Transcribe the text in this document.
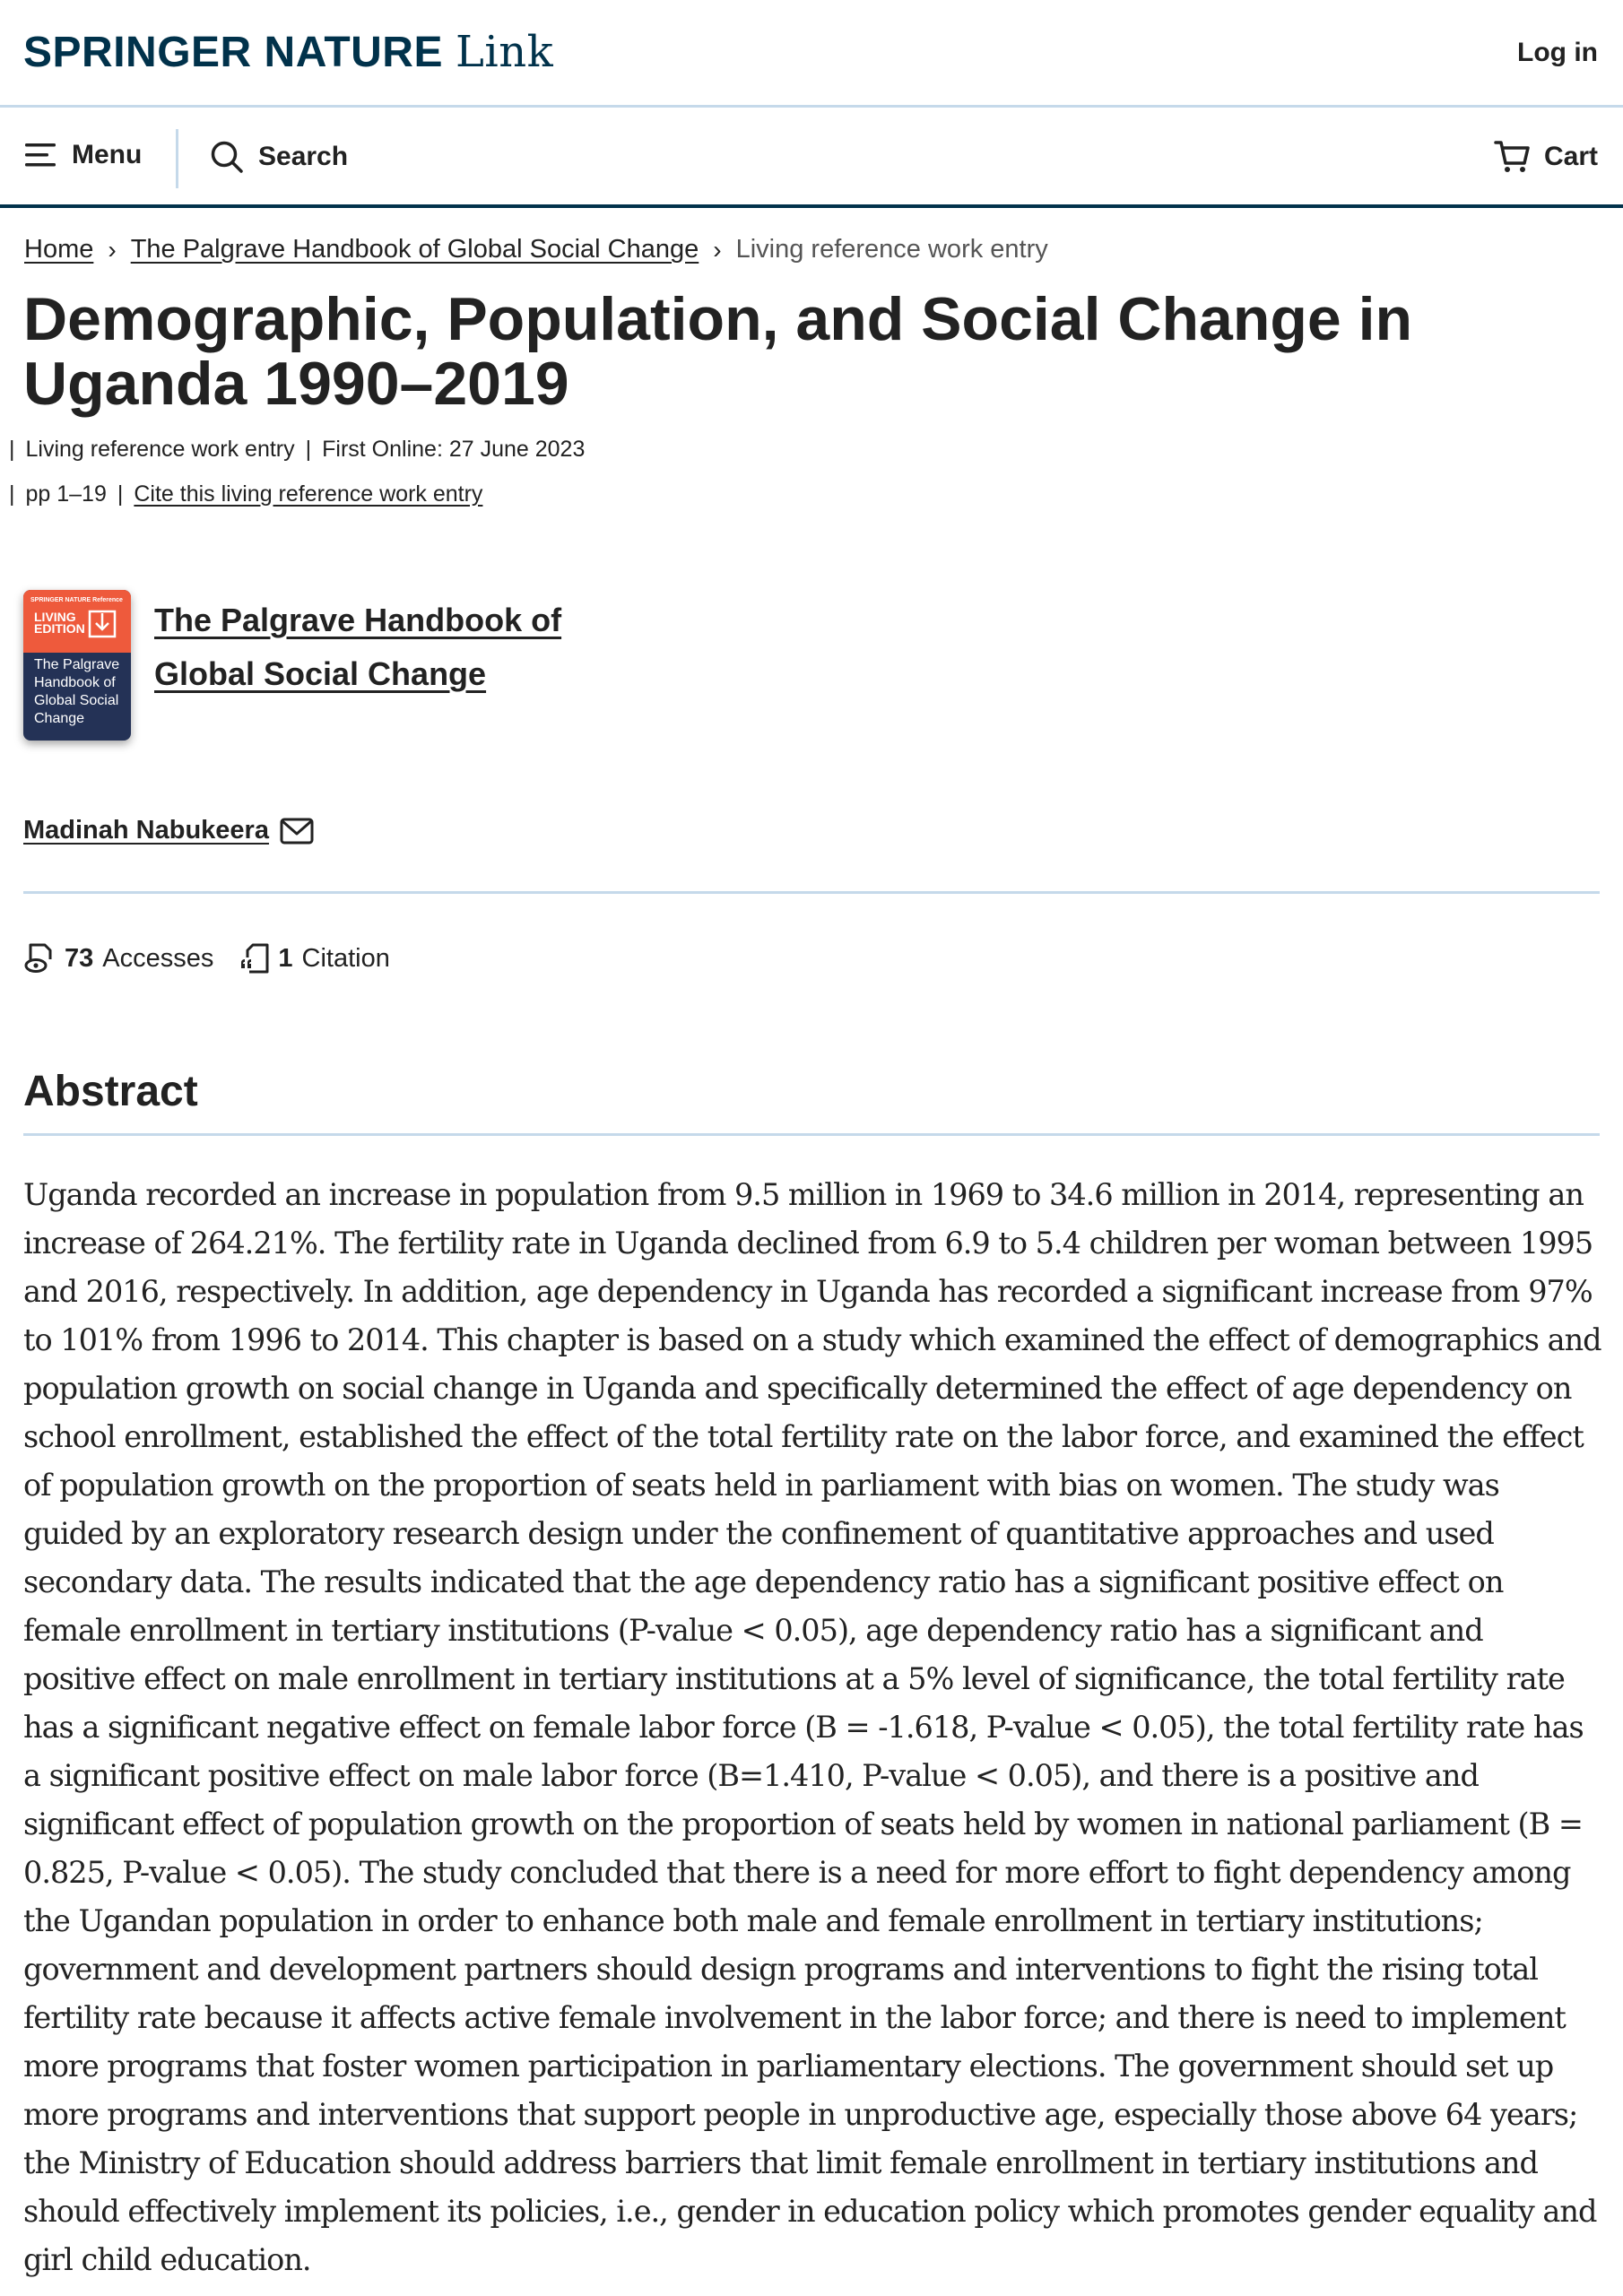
SPRINGER NATURE Link	Log in
Menu	Search	Cart
Home › The Palgrave Handbook of Global Social Change › Living reference work entry
Demographic, Population, and Social Change in Uganda 1990–2019
| Living reference work entry | First Online: 27 June 2023
| pp 1–19 | Cite this living reference work entry
SPRINGER NATURE Reference
LIVING EDITION
The Palgrave Handbook of Global Social Change
The Palgrave Handbook of Global Social Change
Madinah Nabukeera
73 Accesses 1 Citation
Abstract

Uganda recorded an increase in population from 9.5 million in 1969 to 34.6 million in 2014, representing an increase of 264.21%. The fertility rate in Uganda declined from 6.9 to 5.4 children per woman between 1995 and 2016, respectively. In addition, age dependency in Uganda has recorded a significant increase from 97% to 101% from 1996 to 2014. This chapter is based on a study which examined the effect of demographics and population growth on social change in Uganda and specifically determined the effect of age dependency on school enrollment, established the effect of the total fertility rate on the labor force, and examined the effect of population growth on the proportion of seats held in parliament with bias on women. The study was guided by an exploratory research design under the confinement of quantitative approaches and used secondary data. The results indicated that the age dependency ratio has a significant positive effect on female enrollment in tertiary institutions (P-value < 0.05), age dependency ratio has a significant and positive effect on male enrollment in tertiary institutions at a 5% level of significance, the total fertility rate has a significant negative effect on female labor force (B = -1.618, P-value < 0.05), the total fertility rate has a significant positive effect on male labor force (B=1.410, P-value < 0.05), and there is a positive and significant effect of population growth on the proportion of seats held by women in national parliament (B = 0.825, P-value < 0.05). The study concluded that there is a need for more effort to fight dependency among the Ugandan population in order to enhance both male and female enrollment in tertiary institutions; government and development partners should design programs and interventions to fight the rising total fertility rate because it affects active female involvement in the labor force; and there is need to implement more programs that foster women participation in parliamentary elections. The government should set up more programs and interventions that support people in unproductive age, especially those above 64 years; the Ministry of Education should address barriers that limit female enrollment in tertiary institutions and should effectively implement its policies, i.e., gender in education policy which promotes gender equality and girl child education.
